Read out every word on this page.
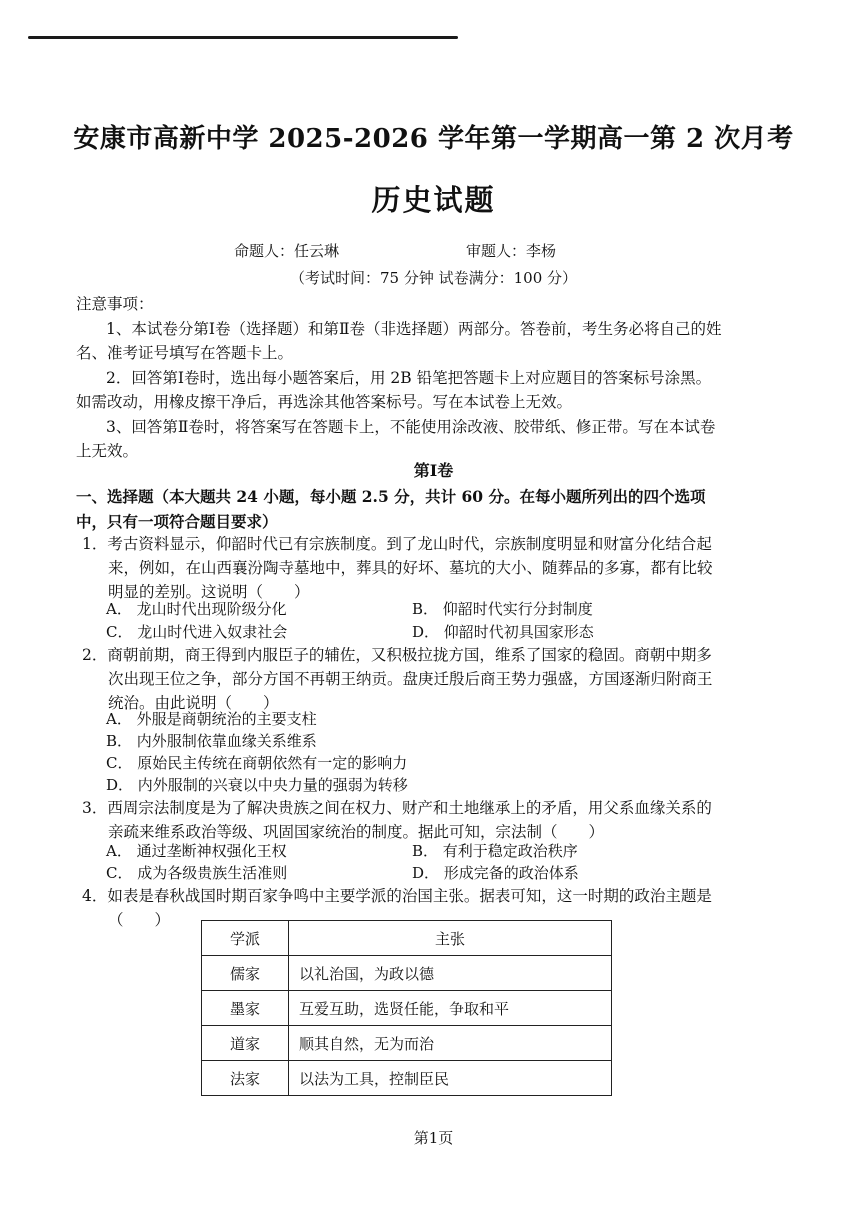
安康市高新中学 2025-2026 学年第一学期高一第 2 次月考
历史试题
命题人：任云琳	审题人：李杨
（考试时间：75 分钟 试卷满分：100 分）

注意事项：

1、本试卷分第Ⅰ卷（选择题）和第Ⅱ卷（非选择题）两部分。答卷前，考生务必将自己的姓名、准考证号填写在答题卡上。

2．回答第Ⅰ卷时，选出每小题答案后，用 2B 铅笔把答题卡上对应题目的答案标号涂黑。如需改动，用橡皮擦干净后，再选涂其他答案标号。写在本试卷上无效。

3、回答第Ⅱ卷时，将答案写在答题卡上，不能使用涂改液、胶带纸、修正带。写在本试卷上无效。

第Ⅰ卷
一、选择题（本大题共 24 小题，每小题 2.5 分，共计 60 分。在每小题所列出的四个选项中，只有一项符合题目要求）
1．考古资料显示，仰韶时代已有宗族制度。到了龙山时代，宗族制度明显和财富分化结合起来，例如，在山西襄汾陶寺墓地中，葬具的好坏、墓坑的大小、随葬品的多寡，都有比较明显的差别。这说明（　　）
A． 龙山时代出现阶级分化	B． 仰韶时代实行分封制度
C． 龙山时代进入奴隶社会	D． 仰韶时代初具国家形态
2．商朝前期，商王得到内服臣子的辅佐，又积极拉拢方国，维系了国家的稳固。商朝中期多次出现王位之争，部分方国不再朝王纳贡。盘庚迁殷后商王势力强盛，方国逐渐归附商王统治。由此说明（　　）
A． 外服是商朝统治的主要支柱
B． 内外服制依靠血缘关系维系
C． 原始民主传统在商朝依然有一定的影响力
D． 内外服制的兴衰以中央力量的强弱为转移
3．西周宗法制度是为了解决贵族之间在权力、财产和土地继承上的矛盾，用父系血缘关系的亲疏来维系政治等级、巩固国家统治的制度。据此可知，宗法制（　　）
A． 通过垄断神权强化王权	B． 有利于稳定政治秩序
C． 成为各级贵族生活准则	D． 形成完备的政治体系
4．如表是春秋战国时期百家争鸣中主要学派的治国主张。据表可知，这一时期的政治主题是（　　）
学派	主张
儒家	以礼治国，为政以德
墨家	互爱互助，选贤任能，争取和平
道家	顺其自然，无为而治
法家	以法为工具，控制臣民
第1页
